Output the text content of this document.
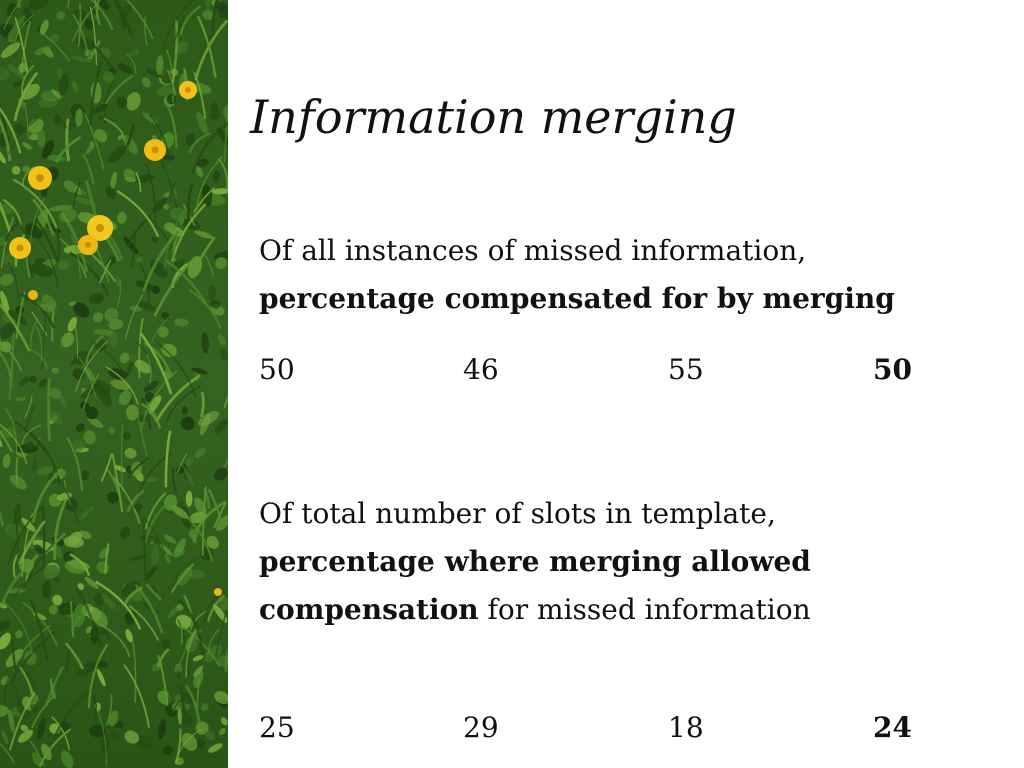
Information merging
Of all instances of missed information,
percentage compensated for by merging
50	46	55	50
Of total number of slots in template,
percentage where merging allowed
compensation for missed information
25	29	18	24
